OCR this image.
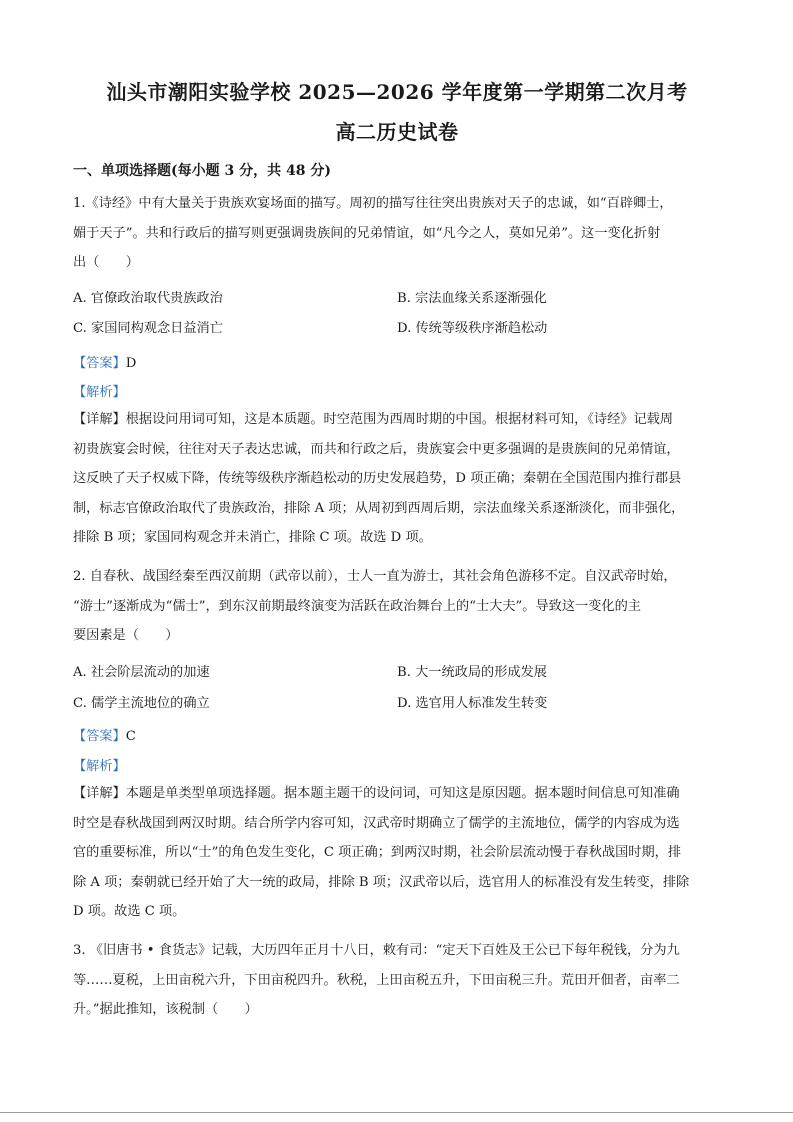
汕头市潮阳实验学校 2025—2026 学年度第一学期第二次月考
高二历史试卷
一、单项选择题(每小题 3 分，共 48 分)
1.《诗经》中有大量关于贵族欢宴场面的描写。周初的描写往往突出贵族对天子的忠诚，如“百辟卿士，
媚于天子”。共和行政后的描写则更强调贵族间的兄弟情谊，如“凡今之人，莫如兄弟”。这一变化折射
出（　　）
A. 官僚政治取代贵族政治	B. 宗法血缘关系逐渐强化
C. 家国同构观念日益消亡	D. 传统等级秩序渐趋松动
【答案】D
【解析】
【详解】根据设问用词可知，这是本质题。时空范围为西周时期的中国。根据材料可知，《诗经》记载周
初贵族宴会时候，往往对天子表达忠诚，而共和行政之后，贵族宴会中更多强调的是贵族间的兄弟情谊，
这反映了天子权威下降，传统等级秩序渐趋松动的历史发展趋势，D 项正确；秦朝在全国范围内推行郡县
制，标志官僚政治取代了贵族政治，排除 A 项；从周初到西周后期，宗法血缘关系逐渐淡化，而非强化，
排除 B 项；家国同构观念并未消亡，排除 C 项。故选 D 项。
2. 自春秋、战国经秦至西汉前期（武帝以前），士人一直为游士，其社会角色游移不定。自汉武帝时始，
“游士”逐渐成为“儒士”，到东汉前期最终演变为活跃在政治舞台上的“士大夫”。导致这一变化的主
要因素是（　　）
A. 社会阶层流动的加速	B. 大一统政局的形成发展
C. 儒学主流地位的确立	D. 选官用人标准发生转变
【答案】C
【解析】
【详解】本题是单类型单项选择题。据本题主题干的设问词，可知这是原因题。据本题时间信息可知准确
时空是春秋战国到两汉时期。结合所学内容可知，汉武帝时期确立了儒学的主流地位，儒学的内容成为选
官的重要标准，所以“士”的角色发生变化，C 项正确；到两汉时期，社会阶层流动慢于春秋战国时期，排
除 A 项；秦朝就已经开始了大一统的政局，排除 B 项；汉武帝以后，选官用人的标准没有发生转变，排除
D 项。故选 C 项。
3. 《旧唐书 • 食货志》记载，大历四年正月十八日，敕有司：“定天下百姓及王公已下每年税钱，分为九
等……夏税，上田亩税六升，下田亩税四升。秋税，上田亩税五升，下田亩税三升。荒田开佃者，亩率二
升。”据此推知，该税制（　　）
